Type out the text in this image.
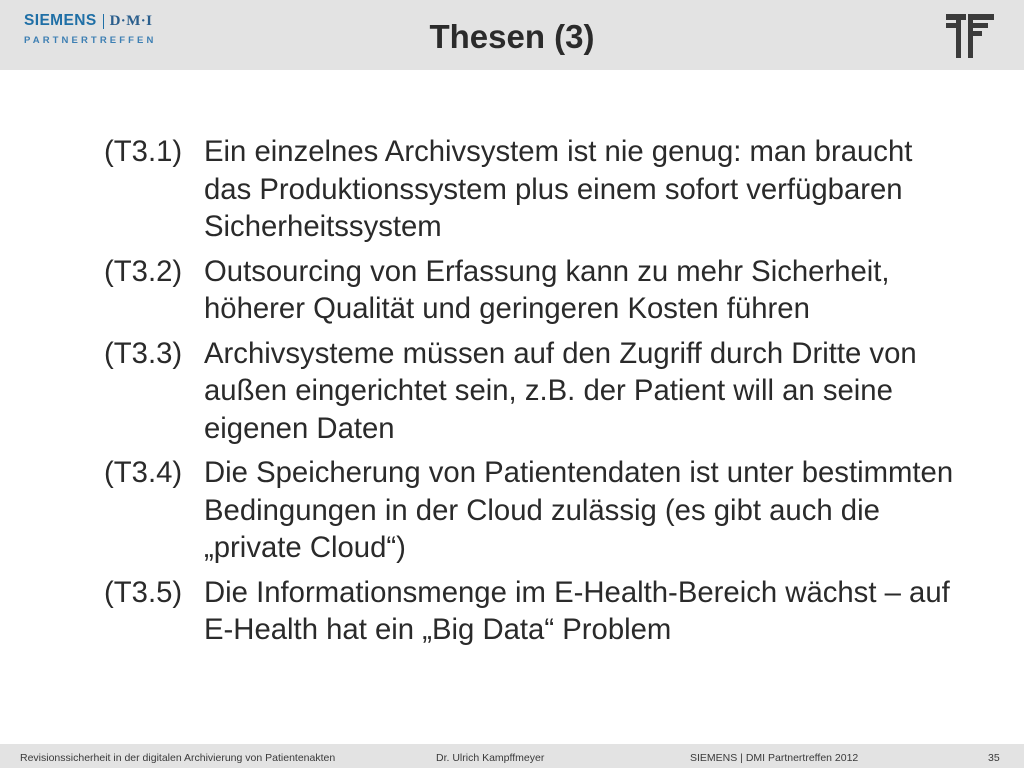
SIEMENS D·M·I
PARTNERTREFFEN	Thesen (3)
(T3.1) Ein einzelnes Archivsystem ist nie genug: man braucht das Produktionssystem plus einem sofort verfügbaren Sicherheitssystem
(T3.2) Outsourcing von Erfassung kann zu mehr Sicherheit, höherer Qualität und geringeren Kosten führen
(T3.3) Archivsysteme müssen auf den Zugriff durch Dritte von außen eingerichtet sein, z.B. der Patient will an seine eigenen Daten
(T3.4) Die Speicherung von Patientendaten ist unter bestimmten Bedingungen in der Cloud zulässig (es gibt auch die „private Cloud“)
(T3.5) Die Informationsmenge im E-Health-Bereich wächst – auf E-Health hat ein „Big Data“ Problem
Revisionssicherheit in der digitalen Archivierung von Patientenakten	Dr. Ulrich Kampffmeyer	SIEMENS | DMI Partnertreffen 2012	35
